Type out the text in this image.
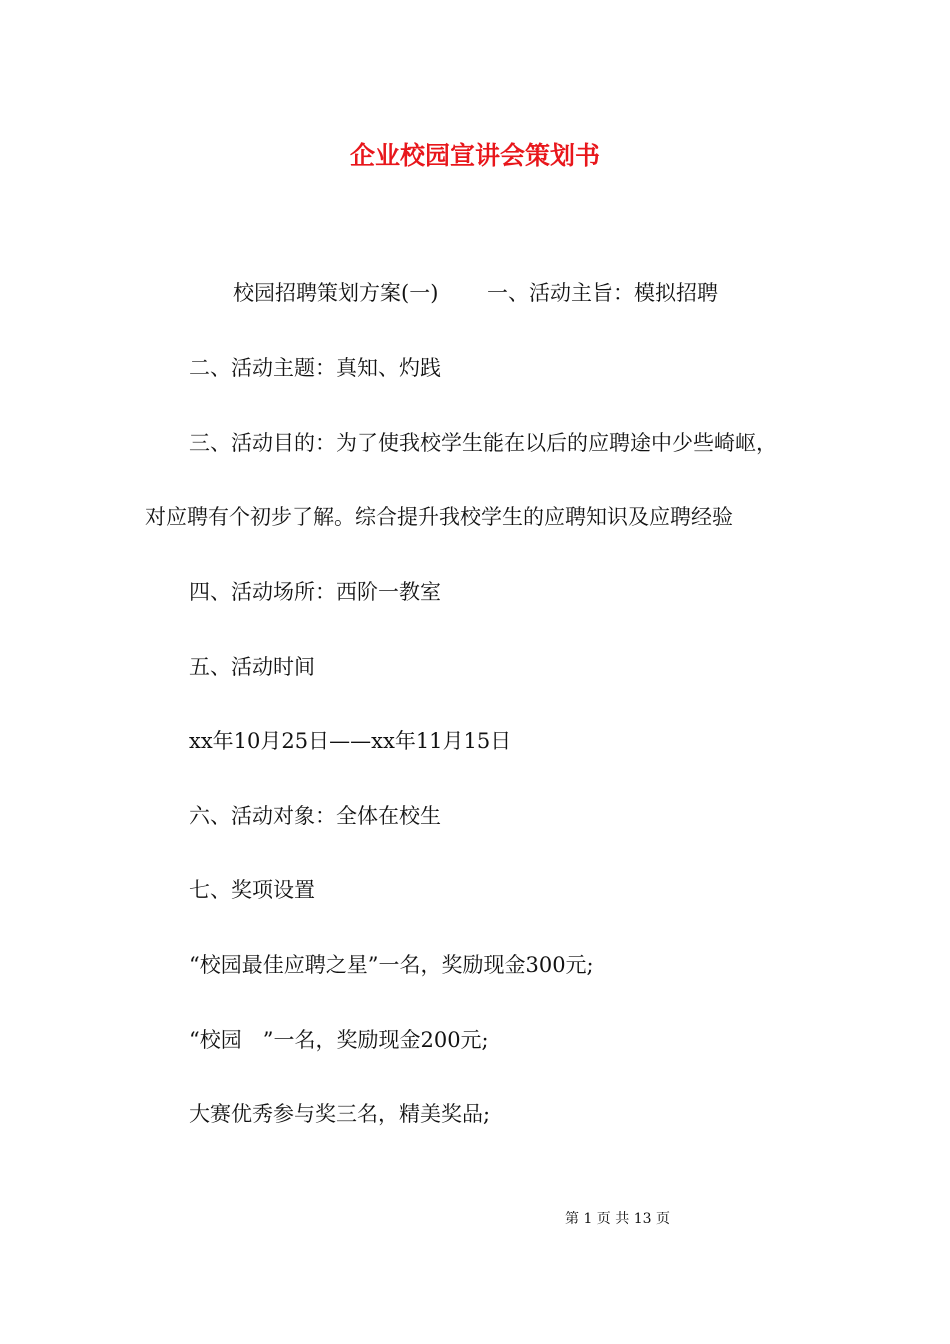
企业校园宣讲会策划书
校园招聘策划方案(一)　　 一、活动主旨：模拟招聘
二、活动主题：真知、灼践
三、活动目的：为了使我校学生能在以后的应聘途中少些崎岖，
对应聘有个初步了解。综合提升我校学生的应聘知识及应聘经验
四、活动场所：西阶一教室
五、活动时间
xx年10月25日——xx年11月15日
六、活动对象：全体在校生
七、奖项设置
“校园最佳应聘之星”一名，奖励现金300元;
“校园　”一名，奖励现金200元;
大赛优秀参与奖三名，精美奖品;
第 1 页 共 13 页
